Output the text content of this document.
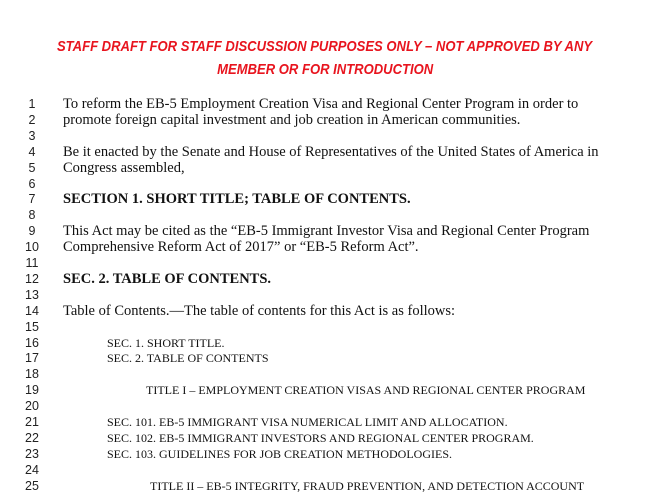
STAFF DRAFT FOR STAFF DISCUSSION PURPOSES ONLY – NOT APPROVED BY ANY
MEMBER OR FOR INTRODUCTION
1	To reform the EB-5 Employment Creation Visa and Regional Center Program in order to
2	promote foreign capital investment and job creation in American communities.
3
4	Be it enacted by the Senate and House of Representatives of the United States of America in
5	Congress assembled,
6
7	SECTION 1. SHORT TITLE; TABLE OF CONTENTS.
8
9	This Act may be cited as the “EB-5 Immigrant Investor Visa and Regional Center Program
10 Comprehensive Reform Act of 2017” or “EB-5 Reform Act”.
11
12 SEC. 2. TABLE OF CONTENTS.
13
14 Table of Contents.—The table of contents for this Act is as follows:
15
16	SEC. 1. SHORT TITLE.
17	SEC. 2. TABLE OF CONTENTS
18
19	TITLE I – EMPLOYMENT CREATION VISAS AND REGIONAL CENTER PROGRAM
20
21	SEC. 101. EB-5 IMMIGRANT VISA NUMERICAL LIMIT AND ALLOCATION.
22	SEC. 102. EB-5 IMMIGRANT INVESTORS AND REGIONAL CENTER PROGRAM.
23	SEC. 103. GUIDELINES FOR JOB CREATION METHODOLOGIES.
24
25	TITLE II – EB-5 INTEGRITY, FRAUD PREVENTION, AND DETECTION ACCOUNT
